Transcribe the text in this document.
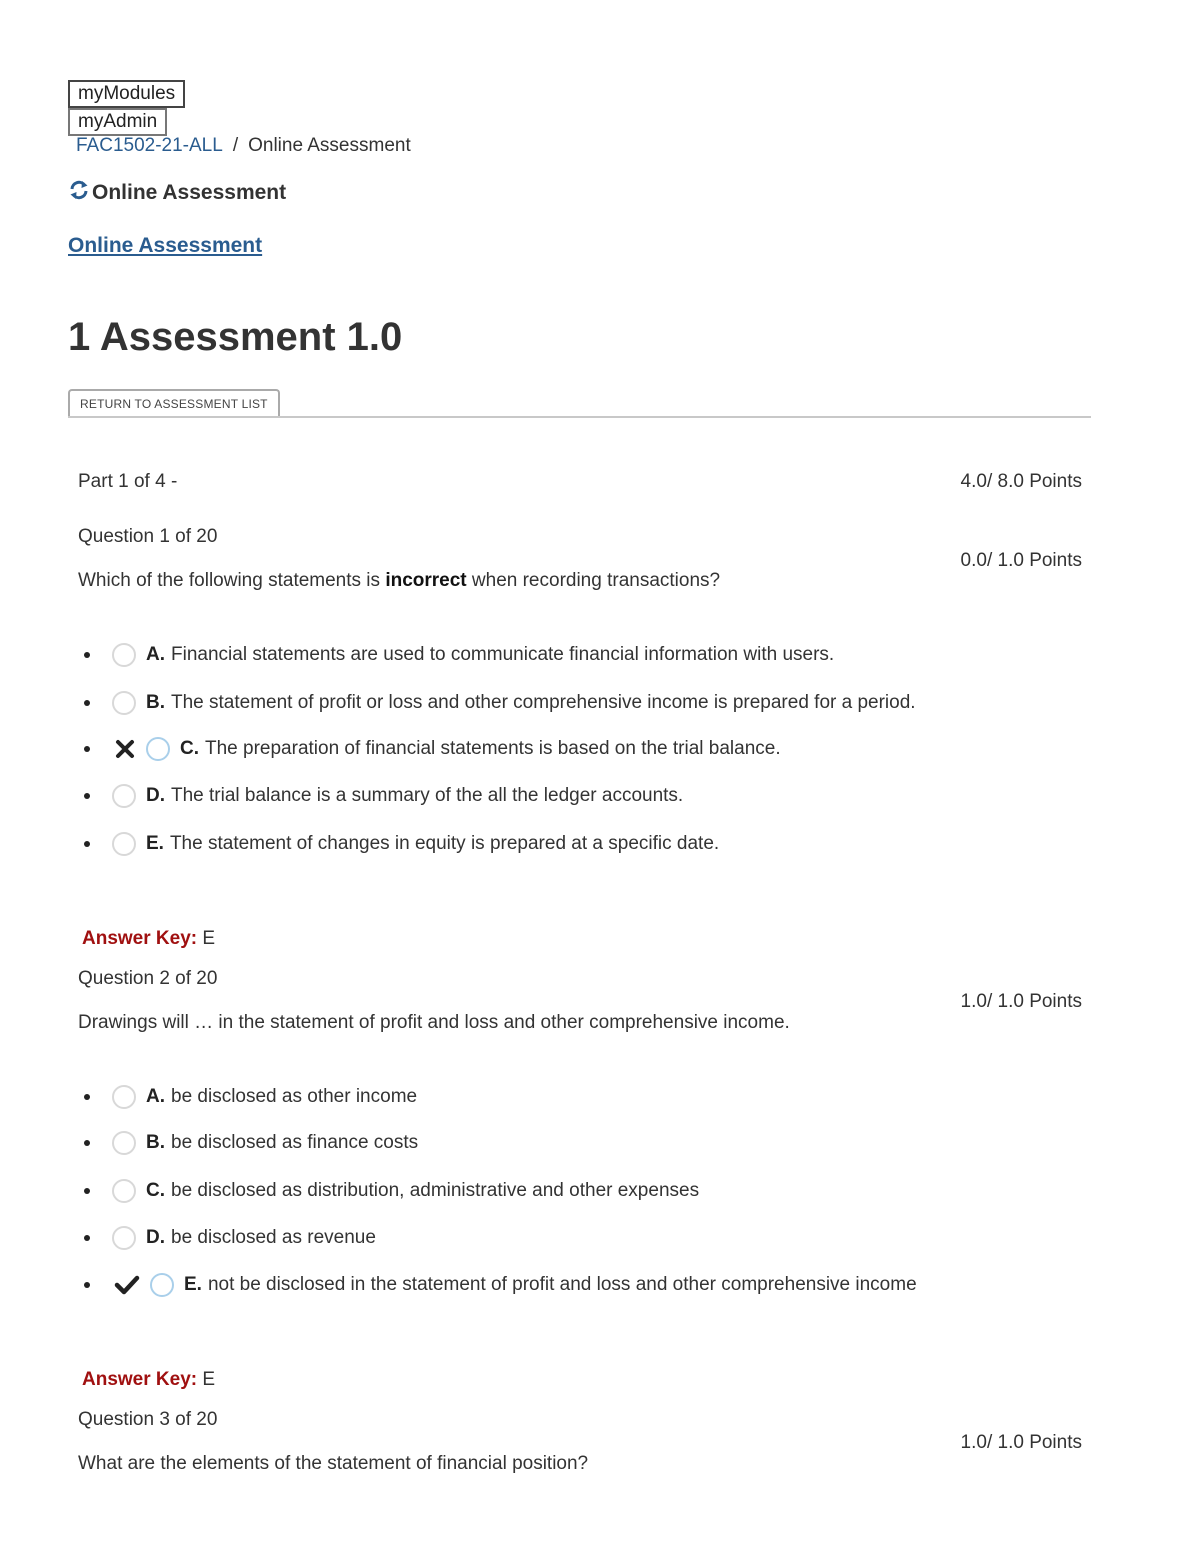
myModules
myAdmin
FAC1502-21-ALL / Online Assessment
Online Assessment
Online Assessment
1 Assessment 1.0
RETURN TO ASSESSMENT LIST
Part 1 of 4 -	4.0/ 8.0 Points
Question 1 of 20
0.0/ 1.0 Points
Which of the following statements is incorrect when recording transactions?
A. Financial statements are used to communicate financial information with users.
B. The statement of profit or loss and other comprehensive income is prepared for a period.
C. The preparation of financial statements is based on the trial balance.
D. The trial balance is a summary of the all the ledger accounts.
E. The statement of changes in equity is prepared at a specific date.
Answer Key: E
Question 2 of 20
1.0/ 1.0 Points
Drawings will … in the statement of profit and loss and other comprehensive income.
A. be disclosed as other income
B. be disclosed as finance costs
C. be disclosed as distribution, administrative and other expenses
D. be disclosed as revenue
E. not be disclosed in the statement of profit and loss and other comprehensive income
Answer Key: E
Question 3 of 20
1.0/ 1.0 Points
What are the elements of the statement of financial position?
